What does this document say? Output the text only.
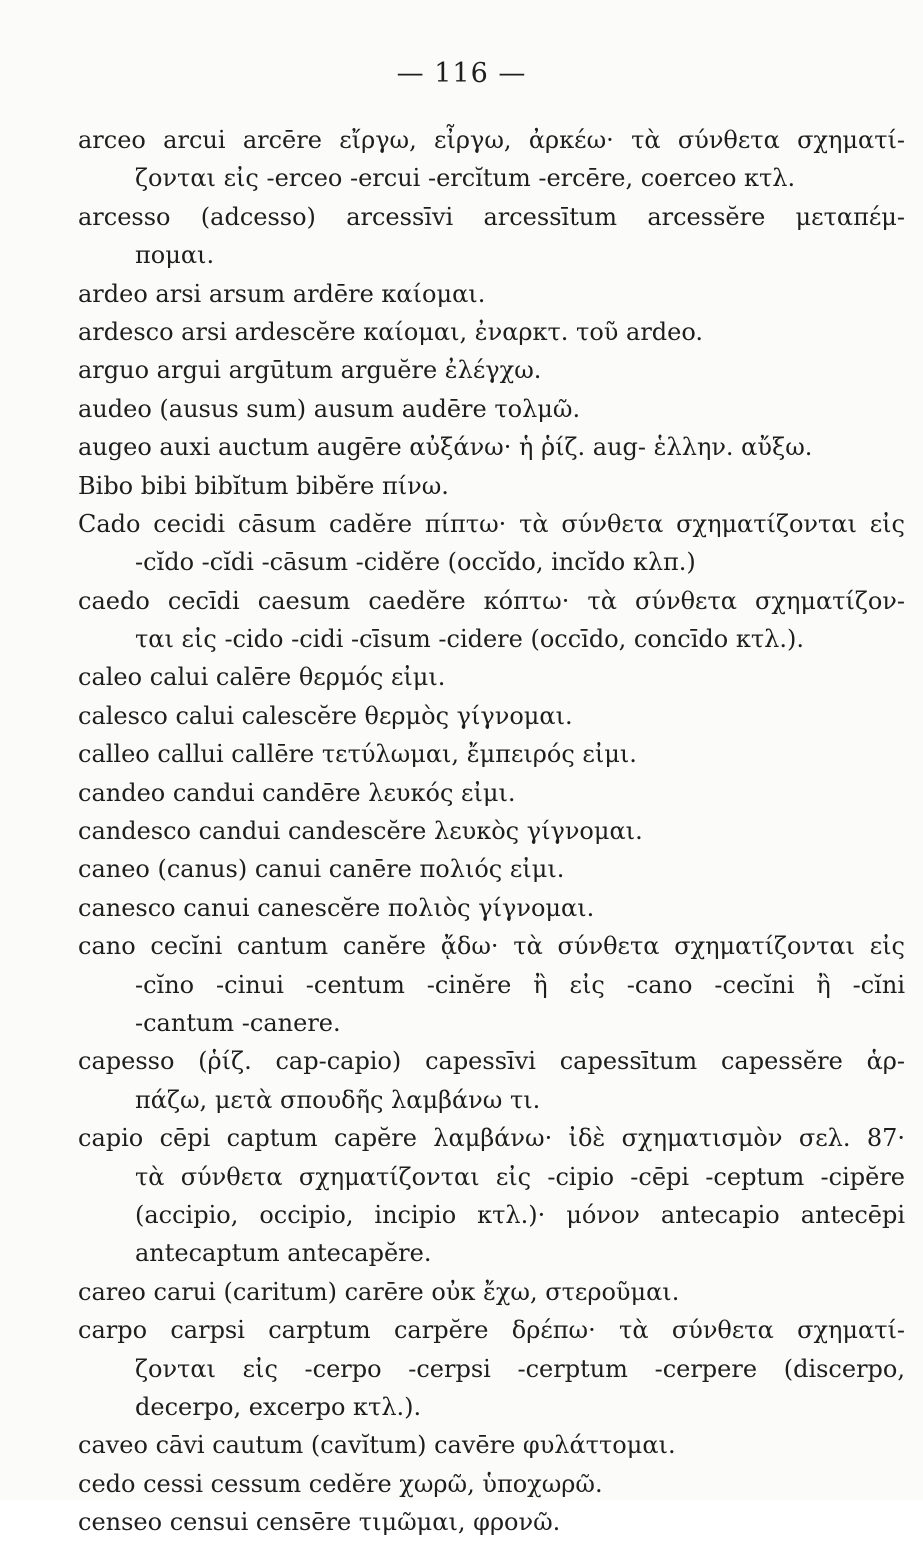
— 116 —
arceo arcui arcēre εἴργω, εἶργω, ἀρκέω· τὰ σύνθετα σχηματί-
ζονται εἰς -erceo -ercui -ercĭtum -ercēre, coerceo κτλ.
arcesso (adcesso) arcessīvi arcessītum arcessĕre μεταπέμ-
πομαι.
ardeo arsi arsum ardēre καίομαι.
ardesco arsi ardescĕre καίομαι, ἐναρκτ. τοῦ ardeo.
arguo argui argūtum arguĕre ἐλέγχω.
audeo (ausus sum) ausum audēre τολμῶ.
augeo auxi auctum augēre αὐξάνω· ἡ ῥίζ. aug- ἑλλην. αὔξω.
Bibo bibi bibĭtum bibĕre πίνω.
Cado cecidi cāsum cadĕre πίπτω· τὰ σύνθετα σχηματίζονται εἰς
-cĭdo -cĭdi -cāsum -cidĕre (occĭdo, incĭdo κλπ.)
caedo cecīdi caesum caedĕre κόπτω· τὰ σύνθετα σχηματίζον-
ται εἰς -cido -cidi -cīsum -cidere (occīdo, concīdo κτλ.).
caleo calui calēre θερμός εἰμι.
calesco calui calescĕre θερμὸς γίγνομαι.
calleo callui callēre τετύλωμαι, ἔμπειρός εἰμι.
candeo candui candēre λευκός εἰμι.
candesco candui candescĕre λευκὸς γίγνομαι.
caneo (canus) canui canēre πολιός εἰμι.
canesco canui canescĕre πολιὸς γίγνομαι.
cano cecĭni cantum canĕre ᾄδω· τὰ σύνθετα σχηματίζονται εἰς
-cĭno -cinui -centum -cinĕre ἢ εἰς -cano -cecĭni ἢ -cĭni
-cantum -canere.
capesso (ῥίζ. cap-capio) capessīvi capessītum capessĕre ἁρ-
πάζω, μετὰ σπουδῆς λαμβάνω τι.
capio cēpi captum capĕre λαμβάνω· ἰδὲ σχηματισμὸν σελ. 87·
τὰ σύνθετα σχηματίζονται εἰς -cipio -cēpi -ceptum -cipĕre
(accipio, occipio, incipio κτλ.)· μόνον antecapio antecēpi
antecaptum antecapĕre.
careo carui (caritum) carēre οὐκ ἔχω, στεροῦμαι.
carpo carpsi carptum carpĕre δρέπω· τὰ σύνθετα σχηματί-
ζονται εἰς -cerpo -cerpsi -cerptum -cerpere (discerpo,
decerpo, excerpo κτλ.).
caveo cāvi cautum (cavĭtum) cavēre φυλάττομαι.
cedo cessi cessum cedĕre χωρῶ, ὑποχωρῶ.
censeo censui censēre τιμῶμαι, φρονῶ.
